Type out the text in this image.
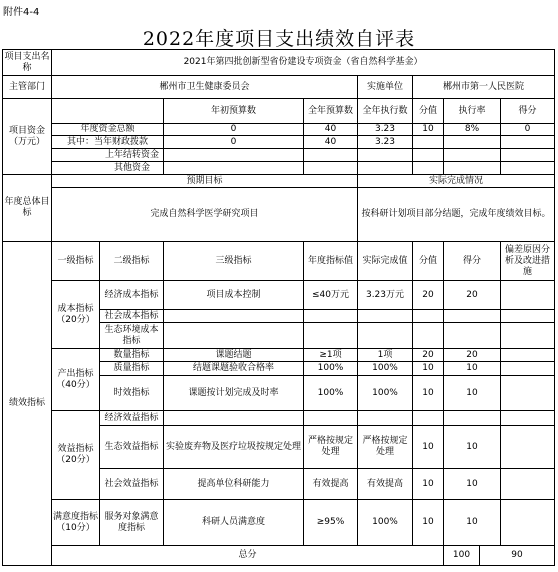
附件4-4
2022年度项目支出绩效自评表
项目支出名称	2021年第四批创新型省份建设专项资金（省自然科学基金）									
主管部门	郴州市卫生健康委员会				实施单位	郴州市第一人民医院				
项目资金（万元）			年初预算数	全年预算数	全年执行数	分值	执行率		得分	
	年度资金总额		0	40	3.23	10	8%		0	
	其中：当年财政拨款		0	40	3.23					
	上年结转资金									
	其他资金									
年度总体目标	预期目标				实际完成情况					
	完成自然科学医学研究项目				按科研计划项目部分结题，完成年度绩效目标。					
绩效指标	一级指标	二级指标	三级指标	年度指标值	实际完成值	分值	得分		偏差原因分析及改进措施	
	成本指标（20分）	经济成本指标	项目成本控制	≤40万元	3.23万元	20	20			
		社会成本指标								
		生态环境成本指标								
	产出指标（40分）	数量指标	课题结题	≥1项	1项	20	20			
		质量指标	结题课题验收合格率	100%	100%	10	10			
		时效指标	课题按计划完成及时率	100%	100%	10	10			
	效益指标（20分）	经济效益指标								
		生态效益指标	实验废弃物及医疗垃圾按规定处理	严格按规定处理	严格按规定处理	10	10			
		社会效益指标	提高单位科研能力	有效提高	有效提高	10	10			
	满意度指标（10分）	服务对象满意度指标	科研人员满意度	≥95%	100%	10	10			
	总分						100	90		
